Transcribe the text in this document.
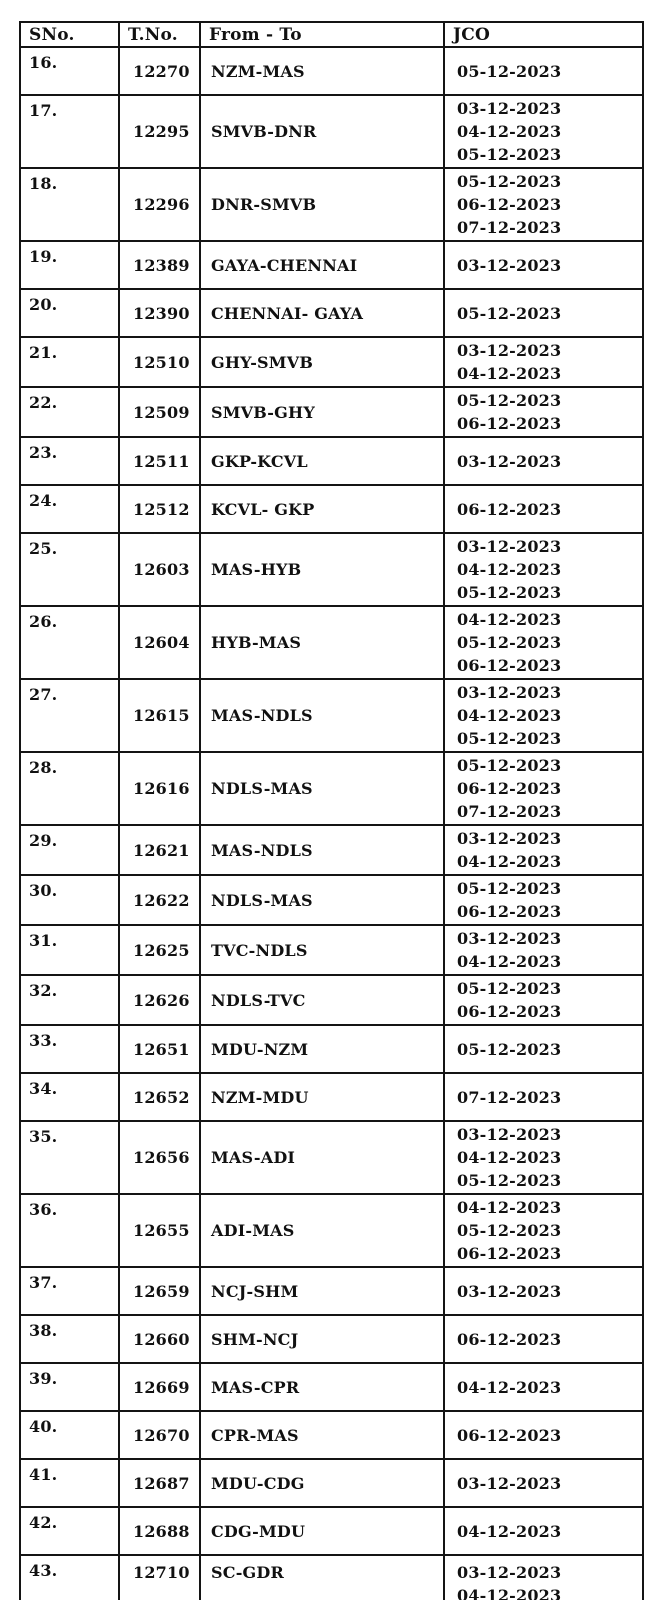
SNo.	T.No.	From - To	JCO
16.	12270	NZM-MAS	05-12-2023

17.	12295	SMVB-DNR	03-12-2023
04-12-2023
05-12-2023

18.	12296	DNR-SMVB	05-12-2023
06-12-2023
07-12-2023

19.	12389	GAYA-CHENNAI	03-12-2023

20.	12390	CHENNAI- GAYA	05-12-2023

21.	12510	GHY-SMVB	03-12-2023
04-12-2023

22.	12509	SMVB-GHY	05-12-2023
06-12-2023

23.	12511	GKP-KCVL	03-12-2023

24.	12512	KCVL- GKP	06-12-2023

25.	12603	MAS-HYB	03-12-2023
04-12-2023
05-12-2023

26.	12604	HYB-MAS	04-12-2023
05-12-2023
06-12-2023

27.	12615	MAS-NDLS	03-12-2023
04-12-2023
05-12-2023

28.	12616	NDLS-MAS	05-12-2023
06-12-2023
07-12-2023

29.	12621	MAS-NDLS	03-12-2023
04-12-2023

30.	12622	NDLS-MAS	05-12-2023
06-12-2023

31.	12625	TVC-NDLS	03-12-2023
04-12-2023

32.	12626	NDLS-TVC	05-12-2023
06-12-2023

33.	12651	MDU-NZM	05-12-2023

34.	12652	NZM-MDU	07-12-2023

35.	12656	MAS-ADI	03-12-2023
04-12-2023
05-12-2023

36.	12655	ADI-MAS	04-12-2023
05-12-2023
06-12-2023

37.	12659	NCJ-SHM	03-12-2023

38.	12660	SHM-NCJ	06-12-2023

39.	12669	MAS-CPR	04-12-2023

40.	12670	CPR-MAS	06-12-2023

41.	12687	MDU-CDG	03-12-2023

42.	12688	CDG-MDU	04-12-2023

43.	12710	SC-GDR	03-12-2023
04-12-2023
